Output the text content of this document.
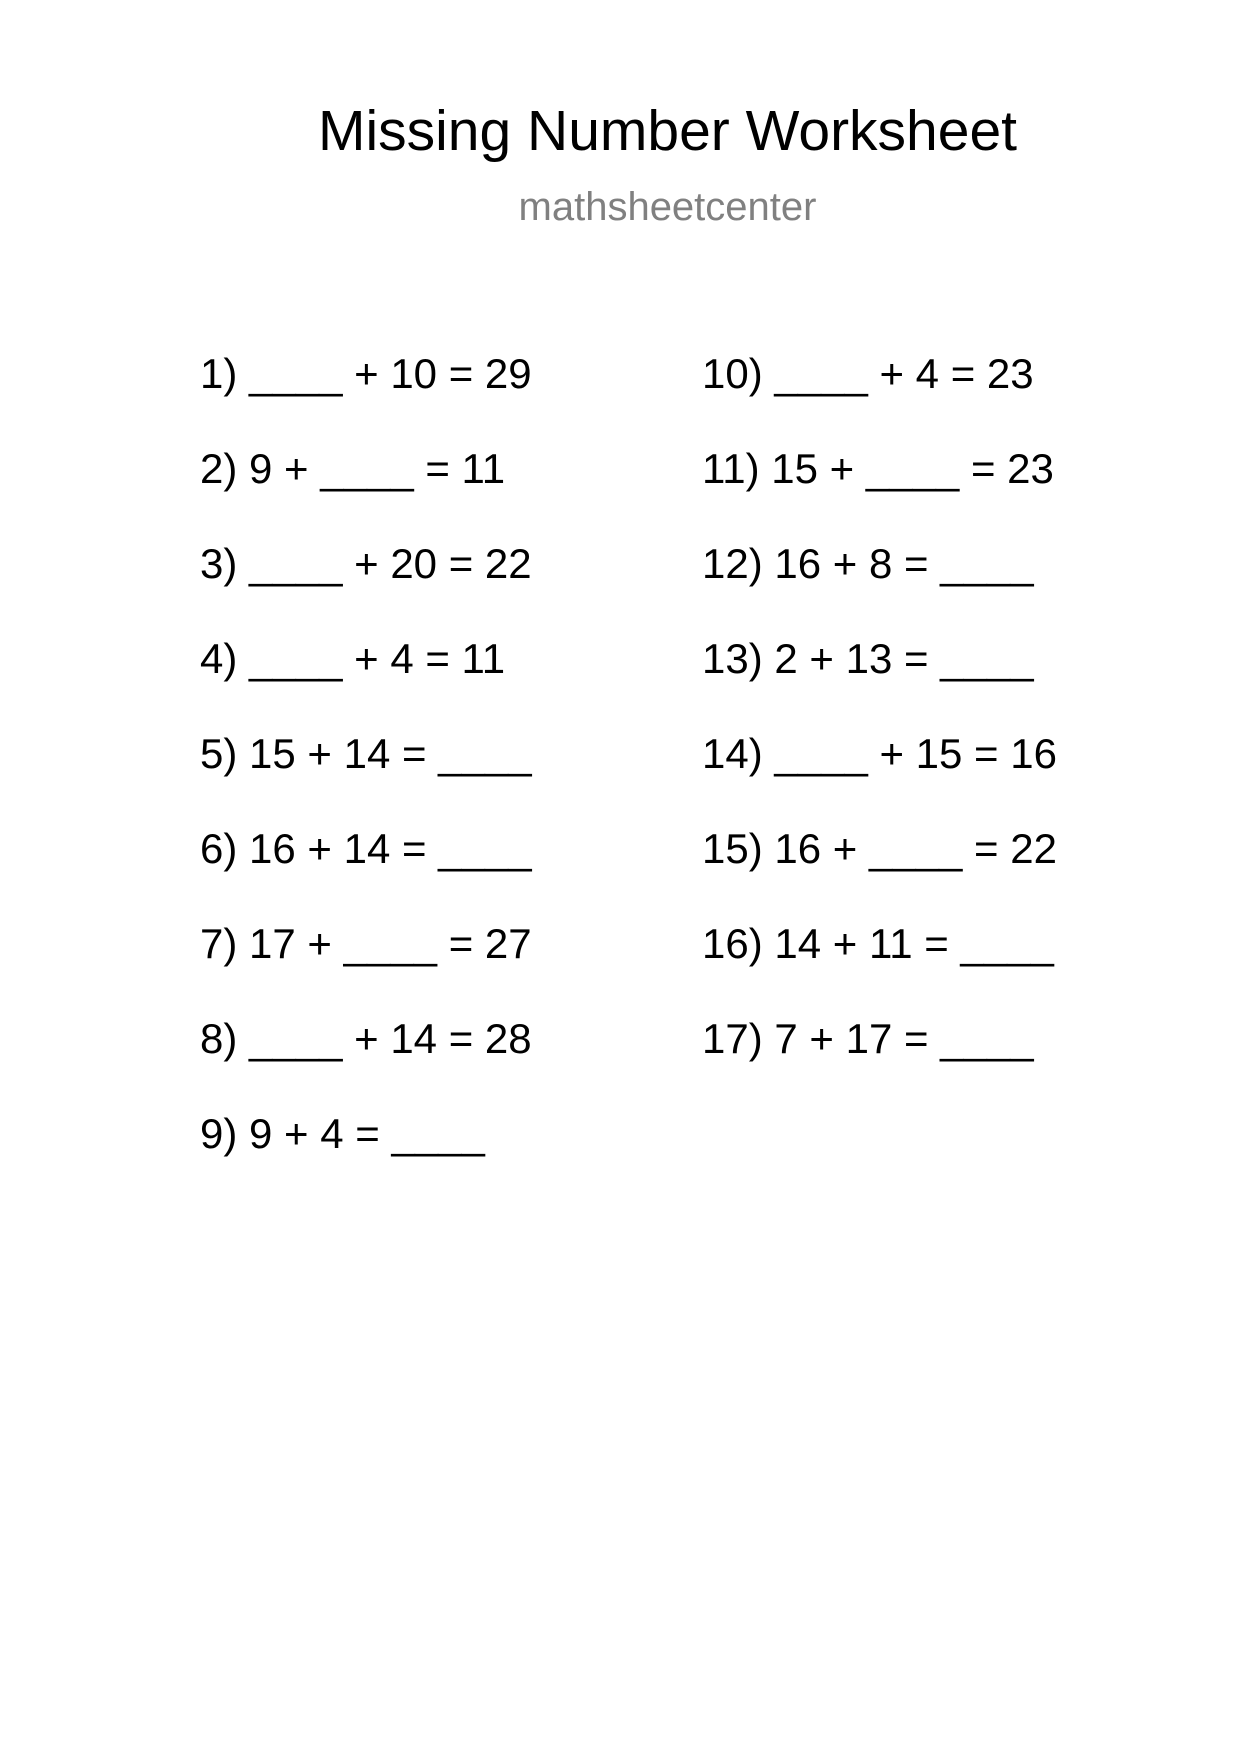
Missing Number Worksheet
mathsheetcenter
1) ____ + 10 = 29
2) 9 + ____ = 11
3) ____ + 20 = 22
4) ____ + 4 = 11
5) 15 + 14 = ____
6) 16 + 14 = ____
7) 17 + ____ = 27
8) ____ + 14 = 28
9) 9 + 4 = ____
10) ____ + 4 = 23
11) 15 + ____ = 23
12) 16 + 8 = ____
13) 2 + 13 = ____
14) ____ + 15 = 16
15) 16 + ____ = 22
16) 14 + 11 = ____
17) 7 + 17 = ____
